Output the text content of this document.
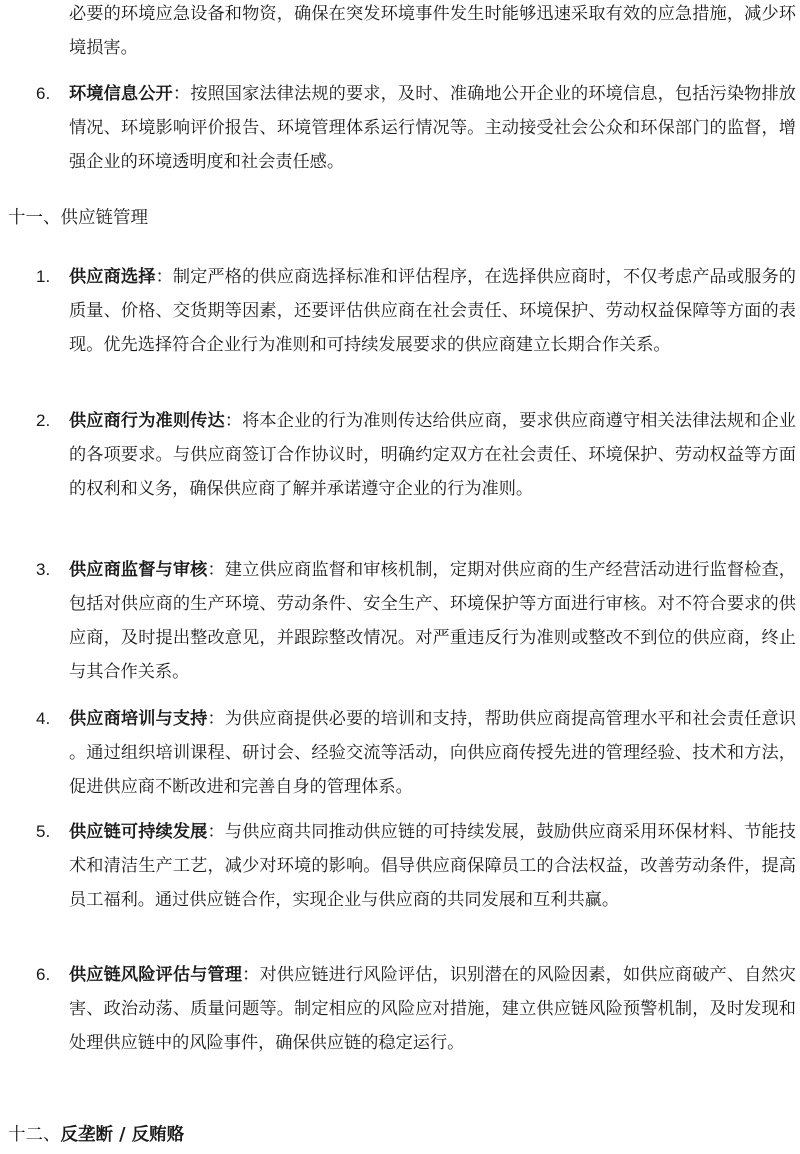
必要的环境应急设备和物资，确保在突发环境事件发生时能够迅速采取有效的应急措施，减少环境损害。
6. 环境信息公开：按照国家法律法规的要求，及时、准确地公开企业的环境信息，包括污染物排放情况、环境影响评价报告、环境管理体系运行情况等。主动接受社会公众和环保部门的监督，增强企业的环境透明度和社会责任感。
十一、供应链管理
1. 供应商选择：制定严格的供应商选择标准和评估程序，在选择供应商时，不仅考虑产品或服务的质量、价格、交货期等因素，还要评估供应商在社会责任、环境保护、劳动权益保障等方面的表现。优先选择符合企业行为准则和可持续发展要求的供应商建立长期合作关系。
2. 供应商行为准则传达：将本企业的行为准则传达给供应商，要求供应商遵守相关法律法规和企业的各项要求。与供应商签订合作协议时，明确约定双方在社会责任、环境保护、劳动权益等方面的权利和义务，确保供应商了解并承诺遵守企业的行为准则。
3. 供应商监督与审核：建立供应商监督和审核机制，定期对供应商的生产经营活动进行监督检查，包括对供应商的生产环境、劳动条件、安全生产、环境保护等方面进行审核。对不符合要求的供应商，及时提出整改意见，并跟踪整改情况。对严重违反行为准则或整改不到位的供应商，终止与其合作关系。
4. 供应商培训与支持：为供应商提供必要的培训和支持，帮助供应商提高管理水平和社会责任意识。通过组织培训课程、研讨会、经验交流等活动，向供应商传授先进的管理经验、技术和方法，促进供应商不断改进和完善自身的管理体系。
5. 供应链可持续发展：与供应商共同推动供应链的可持续发展，鼓励供应商采用环保材料、节能技术和清洁生产工艺，减少对环境的影响。倡导供应商保障员工的合法权益，改善劳动条件，提高员工福利。通过供应链合作，实现企业与供应商的共同发展和互利共赢。
6. 供应链风险评估与管理：对供应链进行风险评估，识别潜在的风险因素，如供应商破产、自然灾害、政治动荡、质量问题等。制定相应的风险应对措施，建立供应链风险预警机制，及时发现和处理供应链中的风险事件，确保供应链的稳定运行。
十二、反垄断 / 反贿赂
